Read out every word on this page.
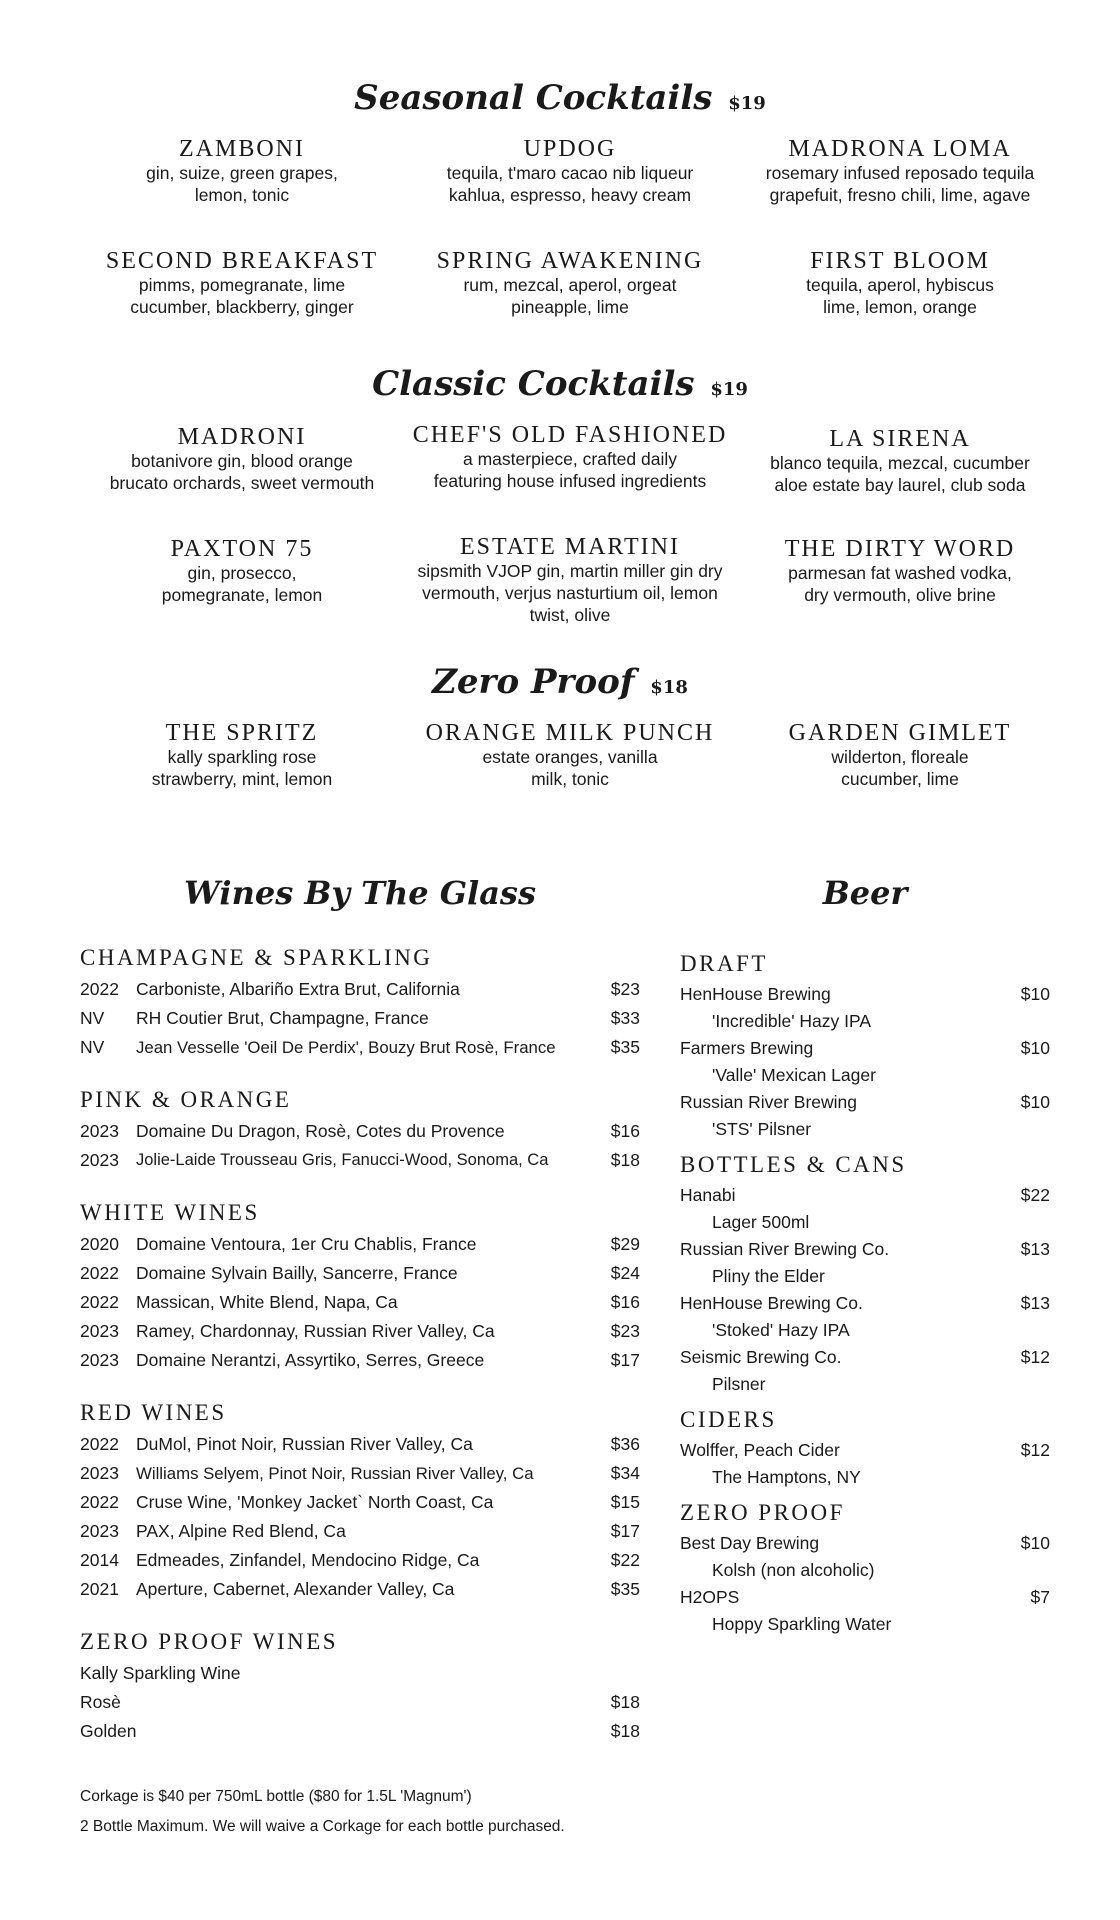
Seasonal Cocktails $19
ZAMBONI
gin, suize, green grapes,
lemon, tonic
UPDOG
tequila, t'maro cacao nib liqueur
kahlua, espresso, heavy cream
MADRONA LOMA
rosemary infused reposado tequila
grapefuit, fresno chili, lime, agave
SECOND BREAKFAST
pimms, pomegranate, lime
cucumber, blackberry, ginger
SPRING AWAKENING
rum, mezcal, aperol, orgeat
pineapple, lime
FIRST BLOOM
tequila, aperol, hybiscus
lime, lemon, orange
Classic Cocktails $19
MADRONI
botanivore gin, blood orange
brucato orchards, sweet vermouth
CHEF'S OLD FASHIONED
a masterpiece, crafted daily
featuring house infused ingredients
LA SIRENA
blanco tequila, mezcal, cucumber
aloe estate bay laurel, club soda
PAXTON 75
gin, prosecco,
pomegranate, lemon
ESTATE MARTINI
sipsmith VJOP gin, martin miller gin dry
vermouth, verjus nasturtium oil, lemon
twist, olive
THE DIRTY WORD
parmesan fat washed vodka,
dry vermouth, olive brine
Zero Proof $18
THE SPRITZ
kally sparkling rose
strawberry, mint, lemon
ORANGE MILK PUNCH
estate oranges, vanilla
milk, tonic
GARDEN GIMLET
wilderton, floreale
cucumber, lime
Wines By The Glass	Beer
CHAMPAGNE & SPARKLING
2022 Carboniste, Albariño Extra Brut, California	$23
NV	RH Coutier Brut, Champagne, France	$33
NV	Jean Vesselle 'Oeil De Perdix', Bouzy Brut Rosè, France	$35
PINK & ORANGE
2023 Domaine Du Dragon, Rosè, Cotes du Provence	$16
2023	Jolie-Laide Trousseau Gris, Fanucci-Wood, Sonoma, Ca	$18
WHITE WINES
2020 Domaine Ventoura, 1er Cru Chablis, France	$29
2022 Domaine Sylvain Bailly, Sancerre, France	$24
2022 Massican, White Blend, Napa, Ca	$16
2023 Ramey, Chardonnay, Russian River Valley, Ca	$23
2023 Domaine Nerantzi, Assyrtiko, Serres, Greece	$17
RED WINES
2022 DuMol, Pinot Noir, Russian River Valley, Ca	$36
2023	Williams Selyem, Pinot Noir, Russian River Valley, Ca	$34
2022 Cruse Wine, 'Monkey Jacket` North Coast, Ca	$15
2023 PAX, Alpine Red Blend, Ca	$17
2014 Edmeades, Zinfandel, Mendocino Ridge, Ca	$22
2021 Aperture, Cabernet, Alexander Valley, Ca	$35
ZERO PROOF WINES
Kally Sparkling Wine
Rosè	$18
Golden	$18
DRAFT
HenHouse Brewing	$10
'Incredible' Hazy IPA
Farmers Brewing	$10
'Valle' Mexican Lager
Russian River Brewing	$10
'STS' Pilsner
BOTTLES & CANS
Hanabi	$22
Lager 500ml
Russian River Brewing Co.	$13
Pliny the Elder
HenHouse Brewing Co.	$13
'Stoked' Hazy IPA
Seismic Brewing Co.	$12
Pilsner
CIDERS
Wolffer, Peach Cider	$12
The Hamptons, NY
ZERO PROOF
Best Day Brewing	$10
Kolsh (non alcoholic)
H2OPS	$7
Hoppy Sparkling Water
Corkage is $40 per 750mL bottle ($80 for 1.5L 'Magnum')
2 Bottle Maximum. We will waive a Corkage for each bottle purchased.
